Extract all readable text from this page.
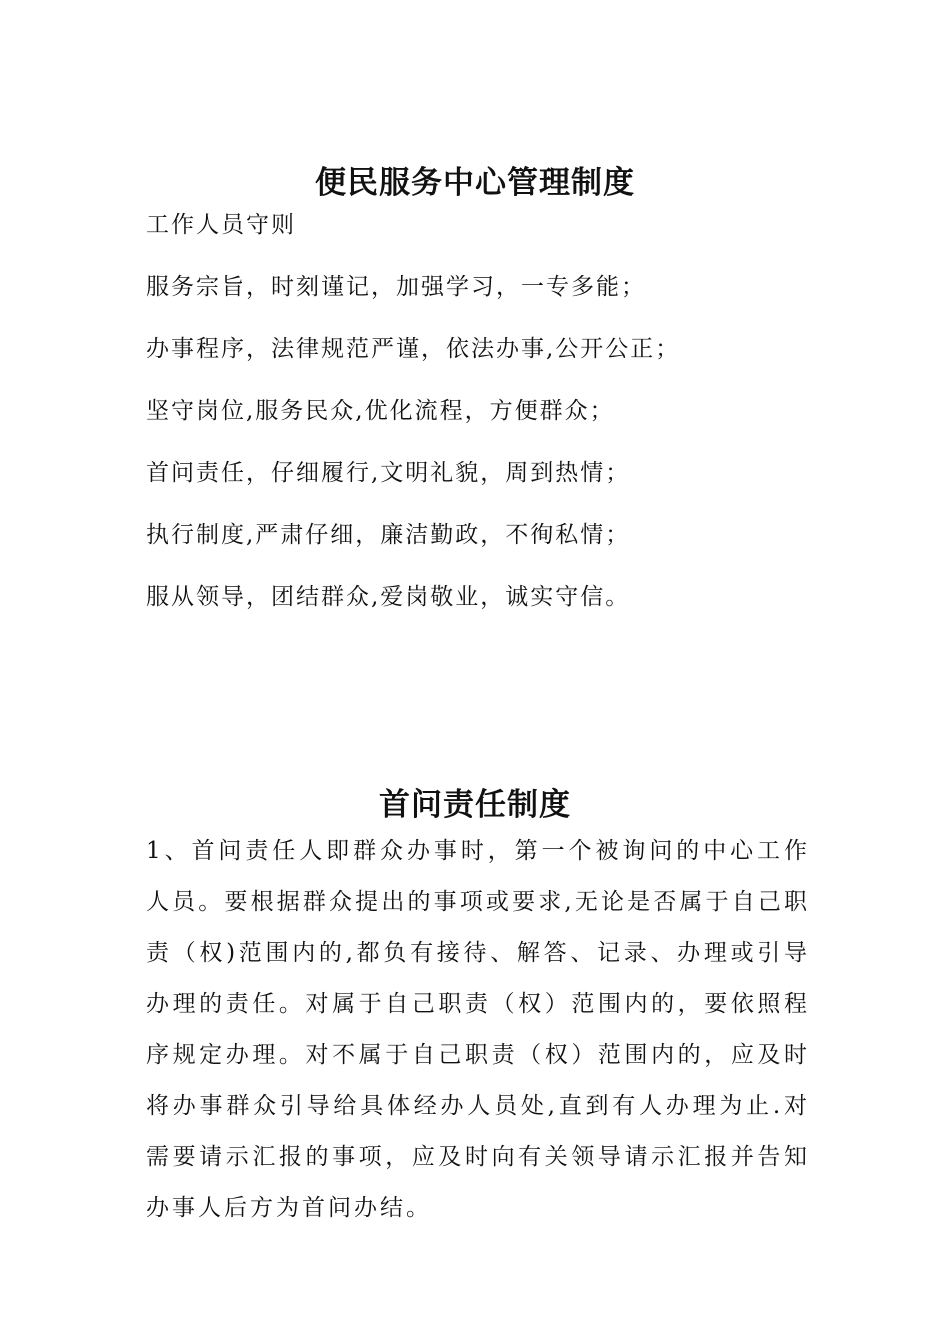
便民服务中心管理制度
工作人员守则
服务宗旨，时刻谨记，加强学习，一专多能；
办事程序，法律规范严谨，依法办事,公开公正；
坚守岗位,服务民众,优化流程，方便群众；
首问责任，仔细履行,文明礼貌，周到热情；
执行制度,严肃仔细，廉洁勤政，不徇私情；
服从领导，团结群众,爱岗敬业，诚实守信。
首问责任制度

1、首问责任人即群众办事时，第一个被询问的中心工作人员。要根据群众提出的事项或要求,无论是否属于自己职责（权)范围内的,都负有接待、解答、记录、办理或引导办理的责任。对属于自己职责（权）范围内的，要依照程序规定办理。对不属于自己职责（权）范围内的，应及时将办事群众引导给具体经办人员处,直到有人办理为止.对需要请示汇报的事项，应及时向有关领导请示汇报并告知办事人后方为首问办结。
